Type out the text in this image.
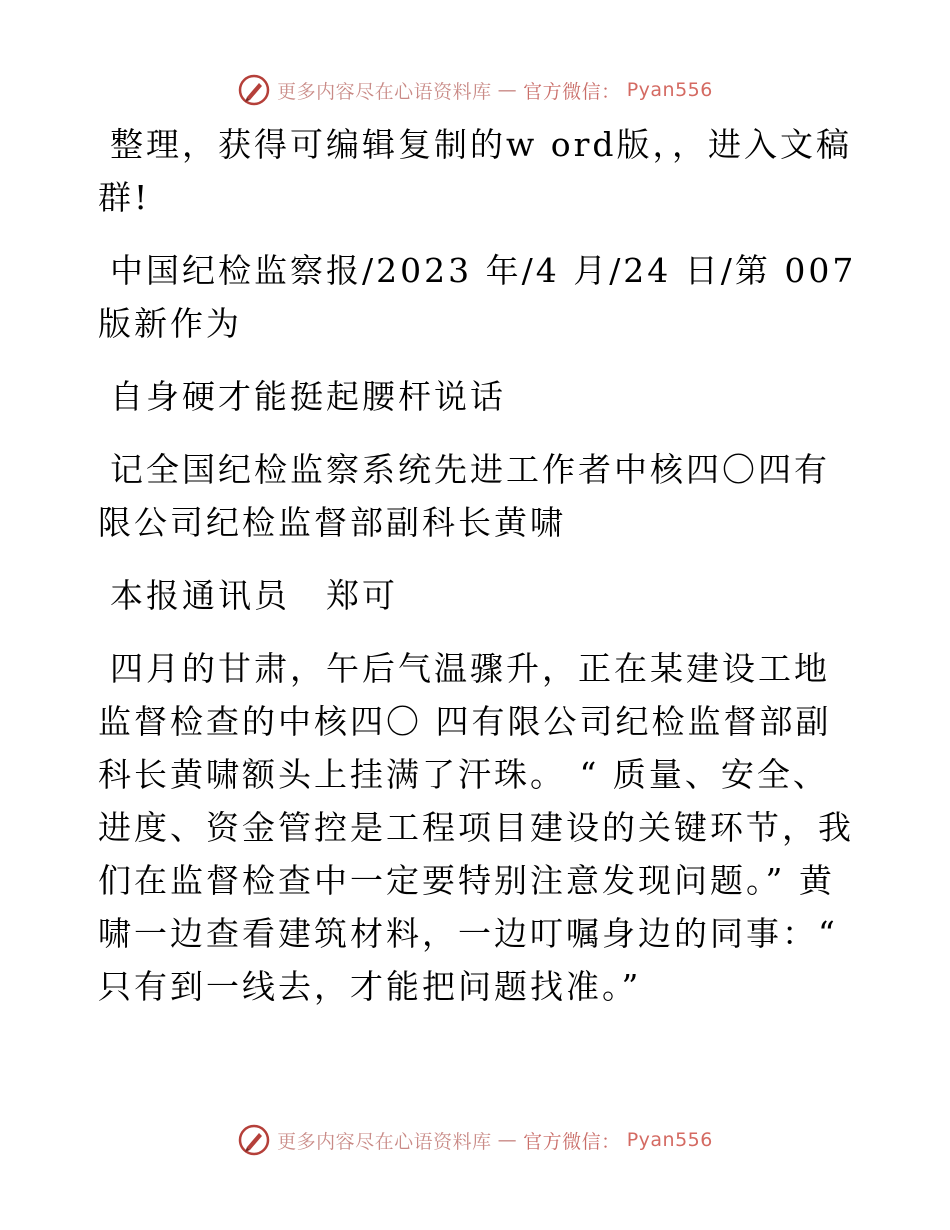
更多内容尽在心语资料库 — 官方微信： Pyan556

整理，获得可编辑复制的w ord版，，进入文稿群!

中国纪检监察报/2023 年/4 月/24 日/第 007 版新作为

自身硬才能挺起腰杆说话

记全国纪检监察系统先进工作者中核四〇四有限公司纪检监督部副科长黄啸

本报通讯员　郑可

四月的甘肃，午后气温骤升，正在某建设工地监督检查的中核四〇 四有限公司纪检监督部副科长黄啸额头上挂满了汗珠。 “ 质量、安全、进度、资金管控是工程项目建设的关键环节，我们在监督检查中一定要特别注意发现问题。” 黄啸一边查看建筑材料，一边叮嘱身边的同事：“ 只有到一线去，才能把问题找准。”

更多内容尽在心语资料库 — 官方微信： Pyan556
